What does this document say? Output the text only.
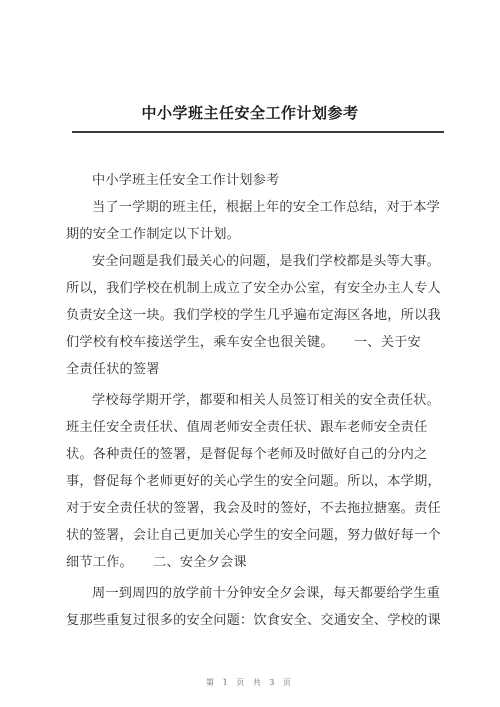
中小学班主任安全工作计划参考
中小学班主任安全工作计划参考
当了一学期的班主任，根据上年的安全工作总结，对于本学
期的安全工作制定以下计划。
安全问题是我们最关心的问题，是我们学校都是头等大事。
所以，我们学校在机制上成立了安全办公室，有安全办主人专人
负责安全这一块。我们学校的学生几乎遍布定海区各地，所以我
们学校有校车接送学生，乘车安全也很关键。　　一、关于安
全责任状的签署
学校每学期开学，都要和相关人员签订相关的安全责任状。
班主任安全责任状、值周老师安全责任状、跟车老师安全责任
状。各种责任的签署，是督促每个老师及时做好自己的分内之
事，督促每个老师更好的关心学生的安全问题。所以，本学期，
对于安全责任状的签署，我会及时的签好，不去拖拉搪塞。责任
状的签署，会让自己更加关心学生的安全问题，努力做好每一个
细节工作。　　二、安全夕会课
周一到周四的放学前十分钟安全夕会课，每天都要给学生重
复那些重复过很多的安全问题：饮食安全、交通安全、学校的课
第 1 页 共 3 页
